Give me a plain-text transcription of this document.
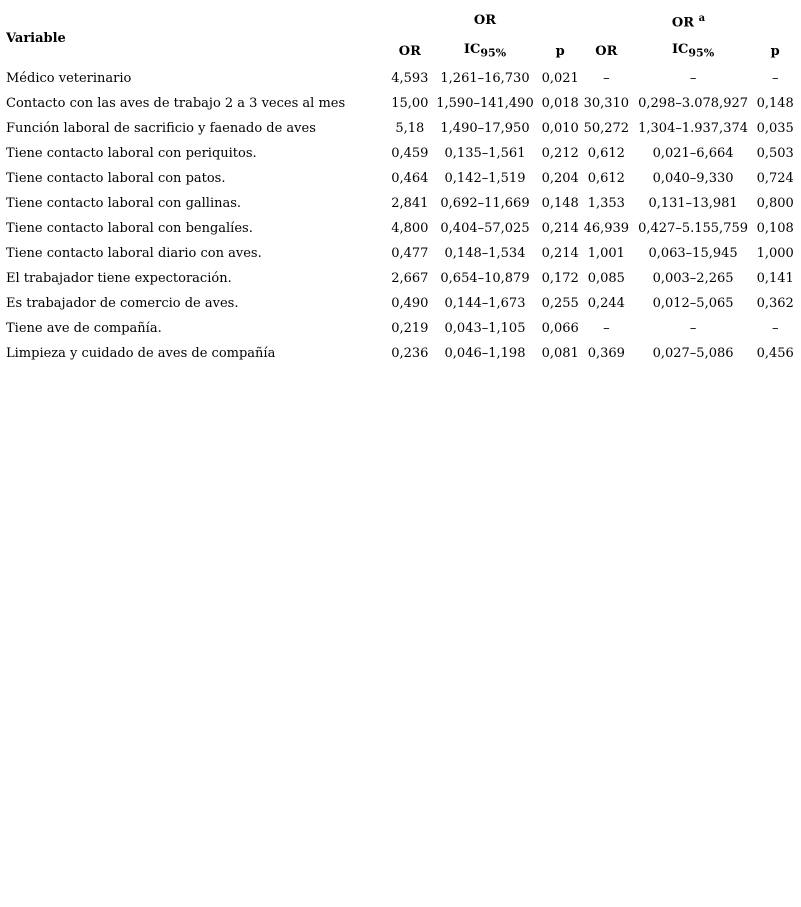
Variable	OR			OR $^a$
	OR	$IC_{95\%}$	p	OR	$IC_{95\%}$	p
Médico veterinario	4,593	1,261–16,730	0,021	–	–	–
Contacto con las aves de trabajo 2 a 3 veces al mes	15,00	1,590–141,490	0,018	30,310	0,298–3.078,927	0,148
Función laboral de sacrificio y faenado de aves	5,18	1,490–17,950	0,010	50,272	1,304–1.937,374	0,035
Tiene contacto laboral con periquitos.	0,459	0,135–1,561	0,212	0,612	0,021–6,664	0,503
Tiene contacto laboral con patos.	0,464	0,142–1,519	0,204	0,612	0,040–9,330	0,724
Tiene contacto laboral con gallinas.	2,841	0,692–11,669	0,148	1,353	0,131–13,981	0,800
Tiene contacto laboral con bengalíes.	4,800	0,404–57,025	0,214	46,939	0,427–5.155,759	0,108
Tiene contacto laboral diario con aves.	0,477	0,148–1,534	0,214	1,001	0,063–15,945	1,000
El trabajador tiene expectoración.	2,667	0,654–10,879	0,172	0,085	0,003–2,265	0,141
Es trabajador de comercio de aves.	0,490	0,144–1,673	0,255	0,244	0,012–5,065	0,362
Tiene ave de compañía.	0,219	0,043–1,105	0,066	–	–	–
Limpieza y cuidado de aves de compañía	0,236	0,046–1,198	0,081	0,369	0,027–5,086	0,456
